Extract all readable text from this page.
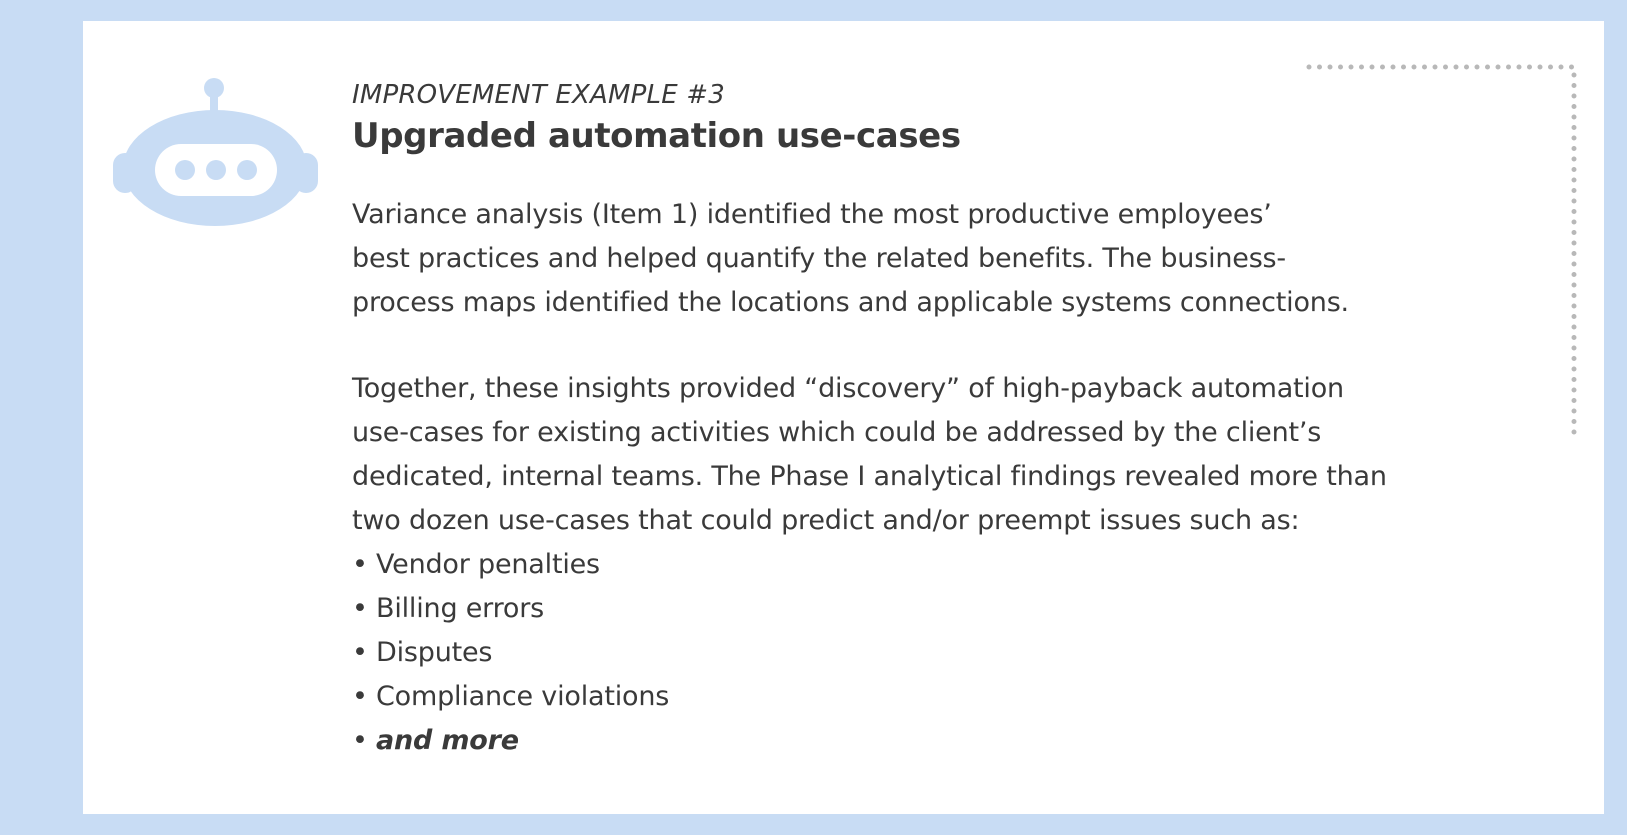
IMPROVEMENT EXAMPLE #3

Upgraded automation use-cases

Variance analysis (Item 1) identified the most productive employees’
best practices and helped quantify the related benefits. The business-
process maps identified the locations and applicable systems connections.

Together, these insights provided “discovery” of high-payback automation
use-cases for existing activities which could be addressed by the client’s
dedicated, internal teams. The Phase I analytical findings revealed more than
two dozen use-cases that could predict and/or preempt issues such as:

• Vendor penalties
• Billing errors
• Disputes
• Compliance violations
• and more
